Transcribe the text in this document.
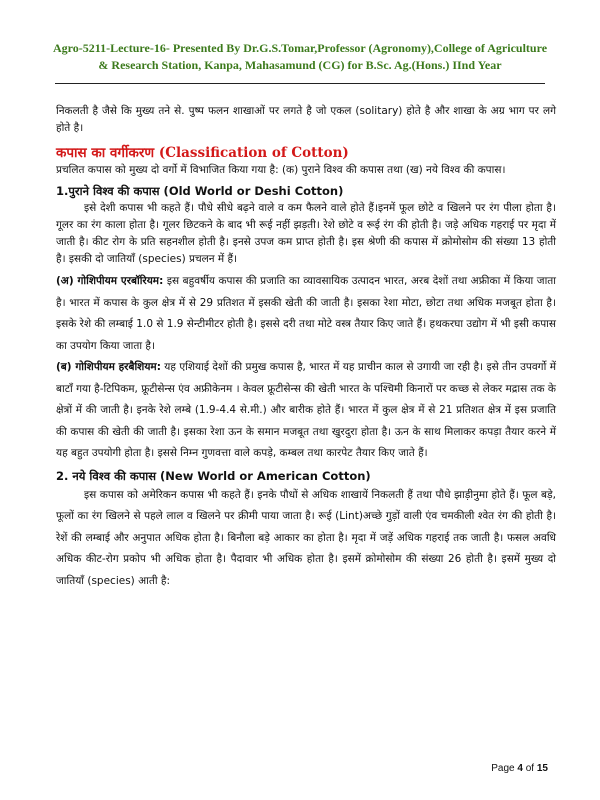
Agro-5211-Lecture-16- Presented By Dr.G.S.Tomar,Professor (Agronomy),College of Agriculture
& Research Station, Kanpa, Mahasamund (CG) for B.Sc. Ag.(Hons.) IInd Year

निकलती है जैसे कि मुख्य तने से. पुष्प फलन शाखाओं पर लगते है जो एकल (solitary) होते है और शाखा के अग्र भाग पर लगे होते है।

कपास का वर्गीकरण (Classification of Cotton)

प्रचलित कपास को मुख्य दो वर्गो में विभाजित किया गया है: (क) पुराने विश्व की कपास तथा (ख) नये विश्व की कपास।

1.पुराने विश्व की कपास (Old World or Deshi Cotton)

इसे देशी कपास भी कहते हैं। पौधे सीधे बढ़ने वाले व कम फैलने वाले होते हैं।इनमें फूल छोटे व खिलने पर रंग पीला होता है। गूलर का रंग काला होता है। गूलर छिटकने के बाद भी रूई नहीं झड़ती। रेशे छोटे व रूई रंग की होती है। जड़े अधिक गहराई पर मृदा में जाती है। कीट रोग के प्रति सहनशील होती है। इनसे उपज कम प्राप्त होती है। इस श्रेणी की कपास में क्रोमोसोम की संख्या 13 होती है। इसकी दो जातियाँ (species) प्रचलन में हैं।

(अ) गोशिपीयम एरबॉरियम: इस बहुवर्षीय कपास की प्रजाति का व्यावसायिक उत्पादन भारत, अरब देशों तथा अफ्रीका में किया जाता है। भारत में कपास के कुल क्षेत्र में से 29 प्रतिशत में इसकी खेती की जाती है। इसका रेशा मोटा, छोटा तथा अधिक मजबूत होता है। इसके रेशे की लम्बाई 1.0 से 1.9 सेन्टीमीटर होती है। इससे दरी तथा मोटे वस्त्र तैयार किए जाते हैं। हथकरघा उद्योग में भी इसी कपास का उपयोग किया जाता है।

(ब) गोशिपीयम हरबैशियम: यह एशियाई देशों की प्रमुख कपास है, भारत में यह प्राचीन काल से उगायी जा रही है। इसे तीन उपवर्गो में बाटाँ गया है-टिपिकम, फ्रूटीसेन्स एंव अफ्रीकेनम । केवल फ्रूटीसेन्स की खेती भारत के पश्चिमी किनारों पर कच्छ से लेकर मद्रास तक के क्षेत्रों में की जाती है। इनके रेशे लम्बे (1.9-4.4 से.मी.) और बारीक होते हैं। भारत में कुल क्षेत्र में से 21 प्रतिशत क्षेत्र में इस प्रजाति की कपास की खेती की जाती है। इसका रेशा ऊन के समान मजबूत तथा खुरदुरा होता है। ऊन के साथ मिलाकर कपड़ा तैयार करने में यह बहुत उपयोगी होता है। इससे निम्न गुणवत्ता वाले कपड़े, कम्बल तथा कारपेट तैयार किए जाते हैं।

2. नये विश्व की कपास (New World or American Cotton)

इस कपास को अमेरिकन कपास भी कहते हैं। इनके पौधों से अधिक शाखायें निकलती हैं तथा पौधे झाड़ीनुमा होते हैं। फूल बड़े, फूलों का रंग खिलने से पहले लाल व खिलने पर क्रीमी पाया जाता है। रूई (Lint)अच्छे गुड़ों वाली एंव चमकीली श्वेत रंग की होती है। रेशें की लम्बाई और अनुपात अधिक होता है। बिनौला बड़े आकार का होता है। मृदा में जड़ें अधिक गहराई तक जाती है। फसल अवधि अधिक कीट-रोग प्रकोप भी अधिक होता है। पैदावार भी अधिक होता है। इसमें क्रोमोसोम की संख्या 26 होती है। इसमें मुख्य दो जातियाँ (species) आती है:

Page 4 of 15
